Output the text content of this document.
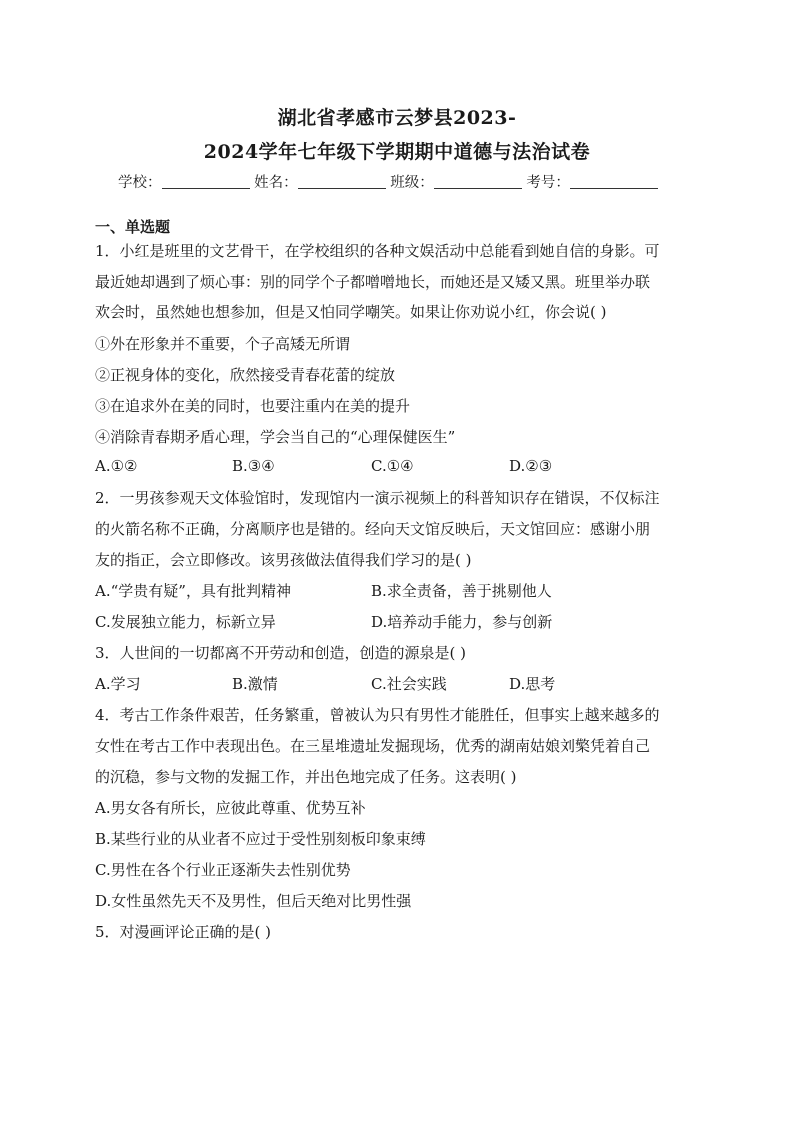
湖北省孝感市云梦县2023-
2024学年七年级下学期期中道德与法治试卷
学校：	姓名：	班级：	考号：
一、单选题
1．小红是班里的文艺骨干，在学校组织的各种文娱活动中总能看到她自信的身影。可
最近她却遇到了烦心事：别的同学个子都噌噌地长，而她还是又矮又黑。班里举办联
欢会时，虽然她也想参加，但是又怕同学嘲笑。如果让你劝说小红，你会说( )
①外在形象并不重要，个子高矮无所谓
②正视身体的变化，欣然接受青春花蕾的绽放
③在追求外在美的同时，也要注重内在美的提升
④消除青春期矛盾心理，学会当自己的“心理保健医生”
A.①②	B.③④	C.①④	D.②③
2．一男孩参观天文体验馆时，发现馆内一演示视频上的科普知识存在错误，不仅标注
的火箭名称不正确，分离顺序也是错的。经向天文馆反映后，天文馆回应：感谢小朋
友的指正，会立即修改。该男孩做法值得我们学习的是( )
A.“学贵有疑”，具有批判精神	B.求全责备，善于挑剔他人
C.发展独立能力，标新立异	D.培养动手能力，参与创新
3．人世间的一切都离不开劳动和创造，创造的源泉是( )
A.学习	B.激情	C.社会实践	D.思考
4．考古工作条件艰苦，任务繁重，曾被认为只有男性才能胜任，但事实上越来越多的
女性在考古工作中表现出色。在三星堆遗址发掘现场，优秀的湖南姑娘刘檠凭着自己
的沉稳，参与文物的发掘工作，并出色地完成了任务。这表明( )
A.男女各有所长，应彼此尊重、优势互补
B.某些行业的从业者不应过于受性别刻板印象束缚
C.男性在各个行业正逐渐失去性别优势
D.女性虽然先天不及男性，但后天绝对比男性强
5．对漫画评论正确的是( )
